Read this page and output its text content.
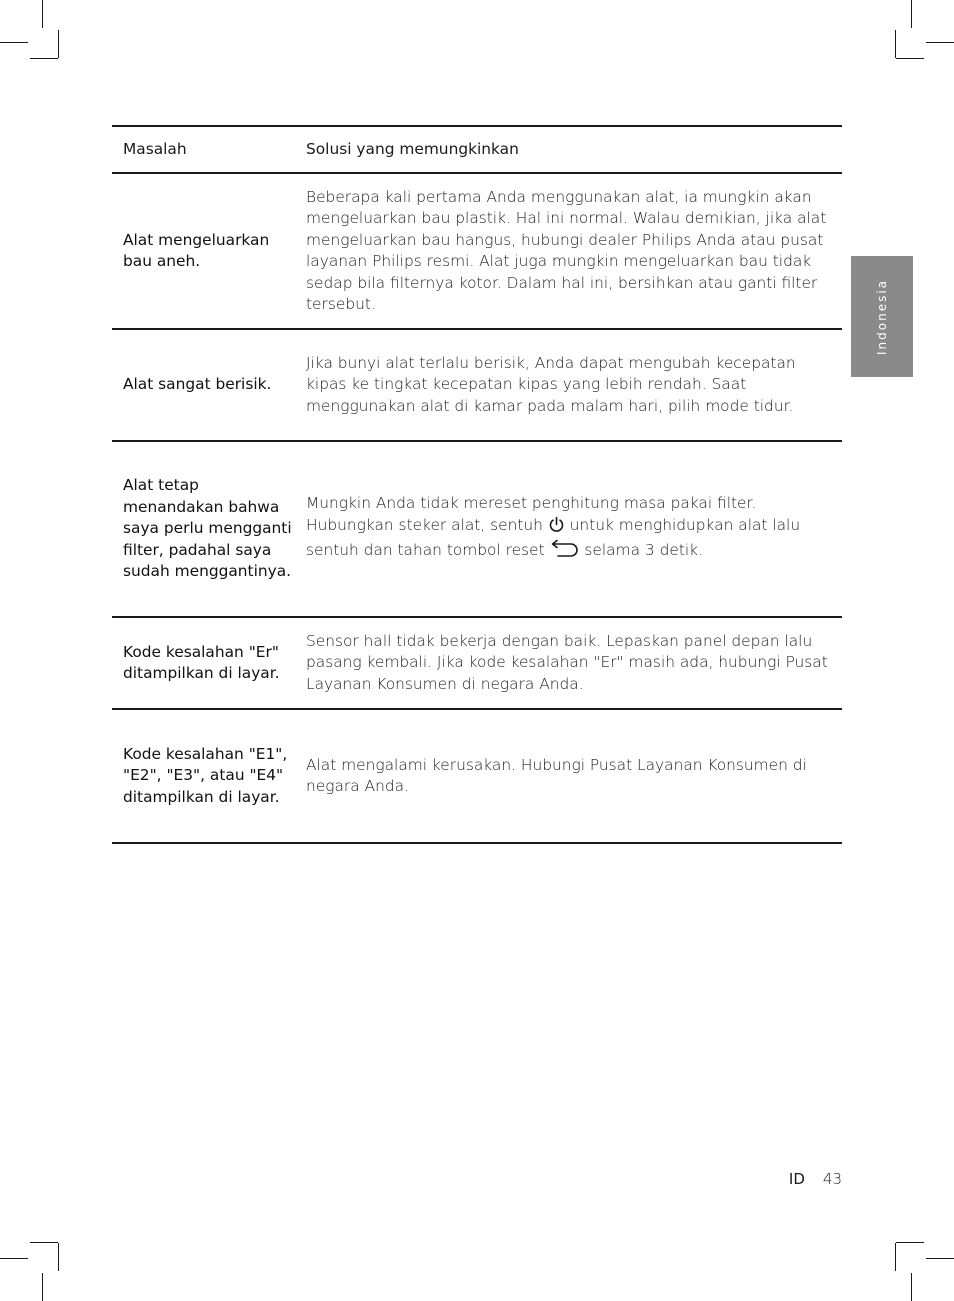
Indonesia
Masalah	Solusi yang memungkinkan
Alat mengeluarkan bau aneh.	Beberapa kali pertama Anda menggunakan alat, ia mungkin akan mengeluarkan bau plastik. Hal ini normal. Walau demikian, jika alat mengeluarkan bau hangus, hubungi dealer Philips Anda atau pusat layanan Philips resmi. Alat juga mungkin mengeluarkan bau tidak sedap bila filternya kotor. Dalam hal ini, bersihkan atau ganti filter tersebut.
Alat sangat berisik.	Jika bunyi alat terlalu berisik, Anda dapat mengubah kecepatan kipas ke tingkat kecepatan kipas yang lebih rendah. Saat menggunakan alat di kamar pada malam hari, pilih mode tidur.
Alat tetap menandakan bahwa saya perlu mengganti filter, padahal saya sudah menggantinya.	Mungkin Anda tidak mereset penghitung masa pakai filter. Hubungkan steker alat, sentuh  untuk menghidupkan alat lalu sentuh dan tahan tombol reset  selama 3 detik.
Kode kesalahan "Er" ditampilkan di layar.	Sensor hall tidak bekerja dengan baik. Lepaskan panel depan lalu pasang kembali. Jika kode kesalahan "Er" masih ada, hubungi Pusat Layanan Konsumen di negara Anda.
Kode kesalahan "E1", "E2", "E3", atau "E4" ditampilkan di layar.	Alat mengalami kerusakan. Hubungi Pusat Layanan Konsumen di negara Anda.
ID 43
